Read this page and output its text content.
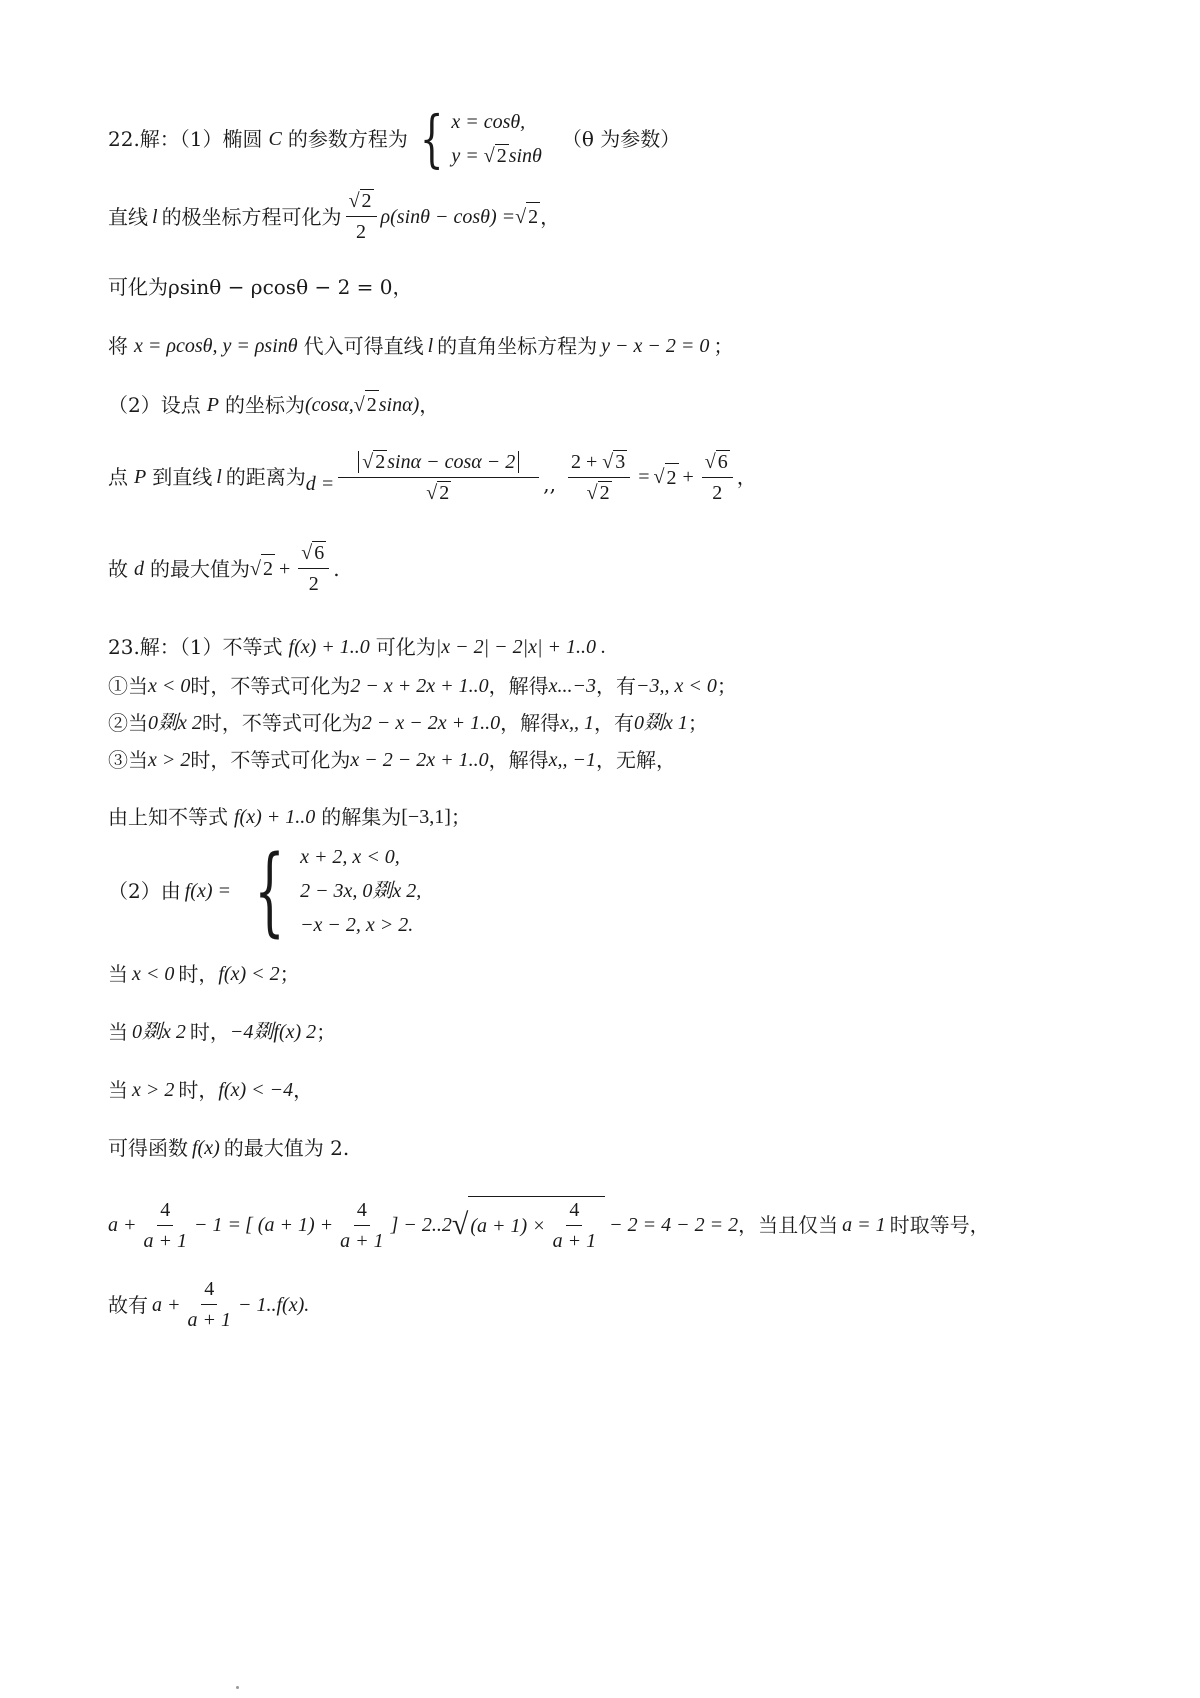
22.解：（1）椭圆 C 的参数方程为 { x = cosθ,
y = √ 2 sinθ
（θ 为参数）
直线 l 的极坐标方程可化为 $\frac{√ 2}{2} \rho(\sin\theta - \cos\theta)$ = √ 2 ，
可化为ρsinθ − ρcosθ − 2 = 0，
将 x = ρcosθ, y = ρsinθ 代入可得直线 l 的直角坐标方程为 y − x − 2 = 0 ；
（2）设点 P 的坐标为 (cosα, √ 2 sinα) ，
点 P 到直线 l 的距离为 $d = \frac{√ 2 \sin\alpha - \cos\alpha - 2}{√ 2}$ ,, $\frac{2 + √ 3}{√ 2}$ = √ $2 + \frac{√ 6}{2}$ ，
故 d 的最大值为 √ $2 + \frac{√ 6}{2}$ .
23.解：（1）不等式 f(x) + 1..0 可化为 |x − 2| − 2|x| + 1..0 .
①当 x < 0 时，不等式可化为 2 − x + 2x + 1..0 ，解得 x...−3 ，有 −3,, x < 0 ；
②当 0剟x 2 时，不等式可化为 2 − x − 2x + 1..0 ，解得 x,, 1 ，有 0剟x 1 ；
③当 x > 2 时，不等式可化为 x − 2 − 2x + 1..0 ，解得 x,, −1 ，无解，
由上知不等式 f(x) + 1..0 的解集为 [−3,1] ；
（2）由 f(x) = { x + 2, x < 0,
2 − 3x, 0剟x 2,
−x − 2, x > 2.
当 x < 0 时， f(x) < 2 ；
当 0剟x 2 时， −4剟f(x) 2 ；
当 x > 2 时， f(x) < −4 ，
可得函数 f(x) 的最大值为 2.
$a + \frac{4}{a + 1} - 1$ = [ $(a + 1) + \frac{4}{a + 1}$ ] − 2..2 √ $(a + 1) \times \frac{4}{a + 1} - 2 = 4 - 2 = 2$ ，当且仅当 a = 1 时取等号，
故有 $a + \frac{4}{a + 1} - 1..f(x)$.
